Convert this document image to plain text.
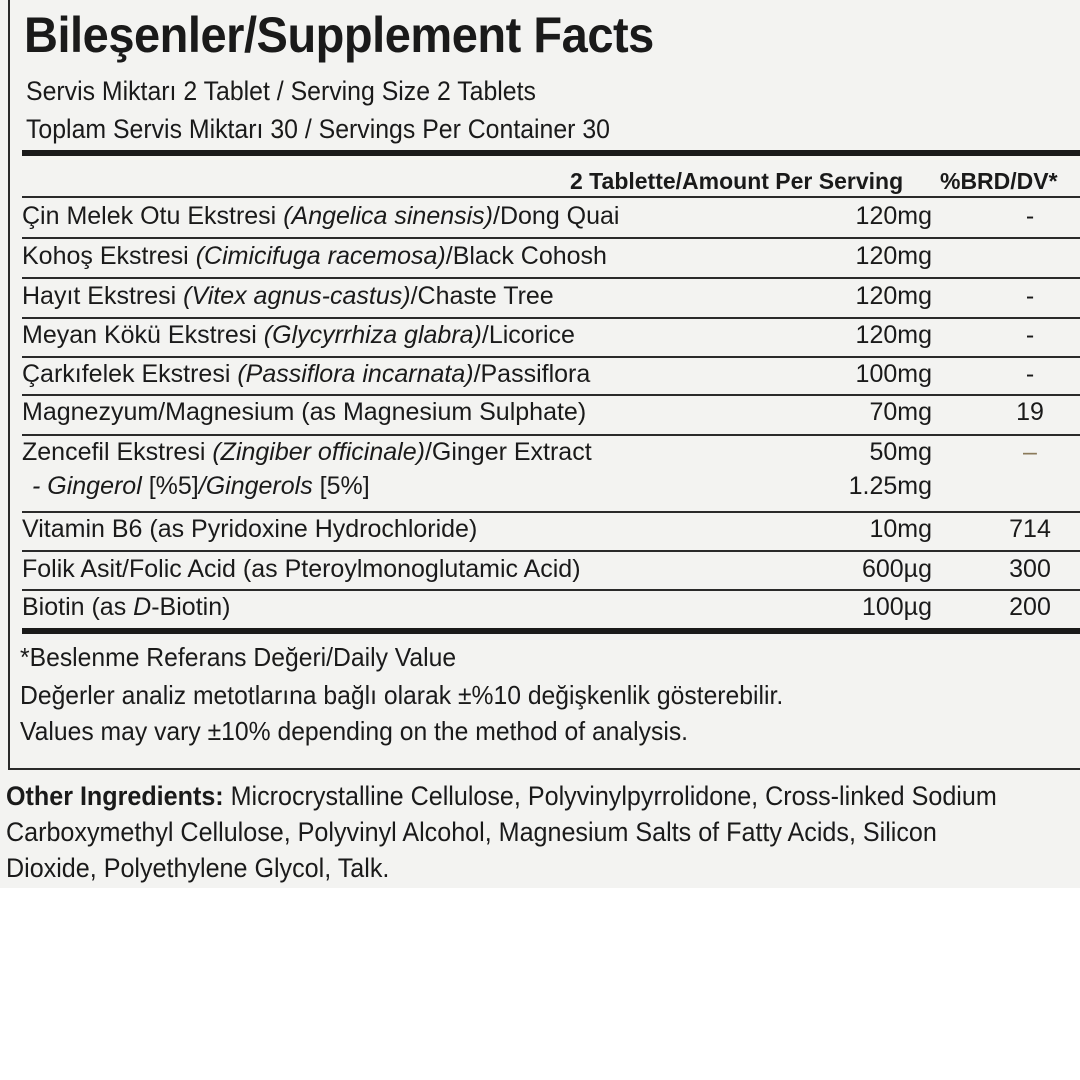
Bileşenler/Supplement Facts
Servis Miktarı 2 Tablet / Serving Size 2 Tablets
Toplam Servis Miktarı 30 / Servings Per Container 30
2 Tablette/Amount Per Serving %BRD/DV*
Çin Melek Otu Ekstresi (Angelica sinensis)/Dong Quai	120mg	-
Kohoş Ekstresi (Cimicifuga racemosa)/Black Cohosh	120mg
Hayıt Ekstresi (Vitex agnus-castus)/Chaste Tree	120mg	-
Meyan Kökü Ekstresi (Glycyrrhiza glabra)/Licorice	120mg	-
Çarkıfelek Ekstresi (Passiflora incarnata)/Passiflora	100mg	-
Magnezyum/Magnesium (as Magnesium Sulphate)	70mg	19
Zencefil Ekstresi (Zingiber officinale)/Ginger Extract	50mg	–
- Gingerol [%5]/Gingerols [5%]	1.25mg
Vitamin B6 (as Pyridoxine Hydrochloride)	10mg	714
Folik Asit/Folic Acid (as Pteroylmonoglutamic Acid)	600µg	300
Biotin (as D-Biotin)	100µg	200
*Beslenme Referans Değeri/Daily Value
Değerler analiz metotlarına bağlı olarak ±%10 değişkenlik gösterebilir.
Values may vary ±10% depending on the method of analysis.
Other Ingredients: Microcrystalline Cellulose, Polyvinylpyrrolidone, Cross-linked Sodium Carboxymethyl Cellulose, Polyvinyl Alcohol, Magnesium Salts of Fatty Acids, Silicon Dioxide, Polyethylene Glycol, Talk.
